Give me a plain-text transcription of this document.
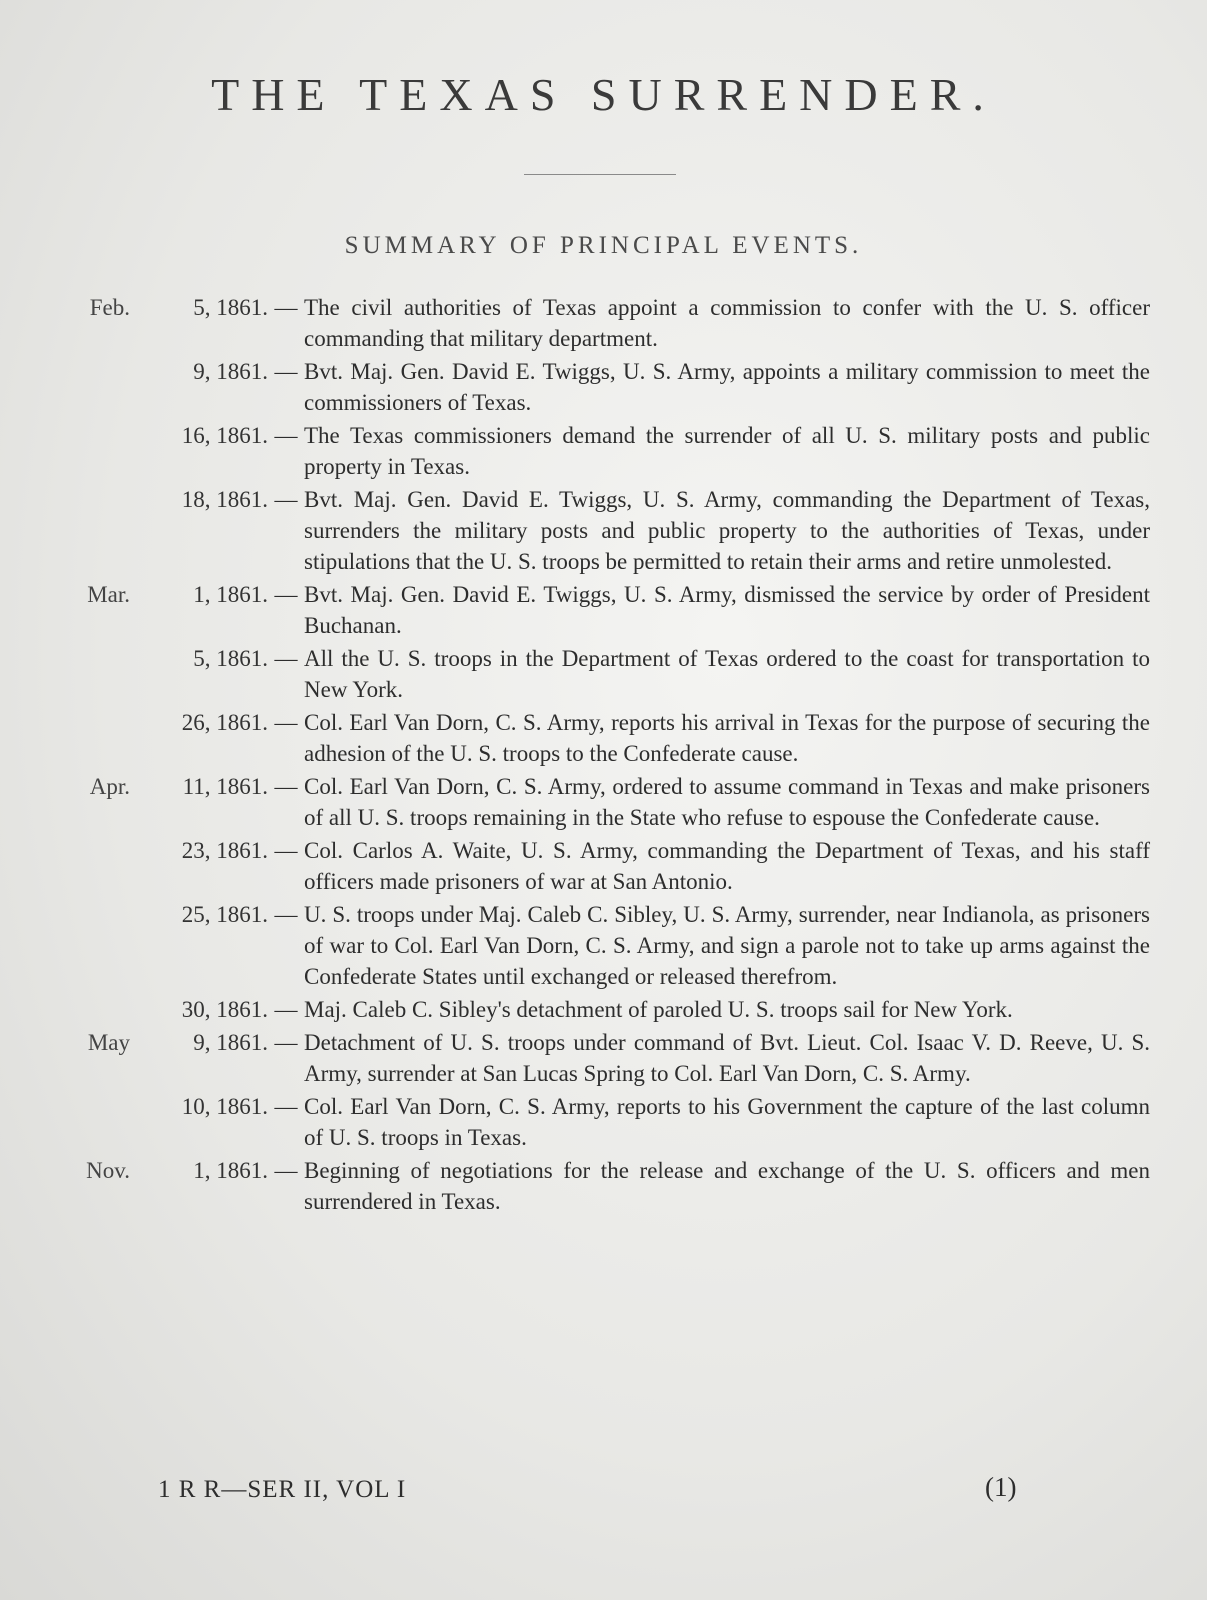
THE TEXAS SURRENDER.
SUMMARY OF PRINCIPAL EVENTS.
Feb.	5, 1861. — The civil authorities of Texas appoint a commission to confer with the U. S. officer commanding that military department.
9, 1861. — Bvt. Maj. Gen. David E. Twiggs, U. S. Army, appoints a military commission to meet the commissioners of Texas.
16, 1861. — The Texas commissioners demand the surrender of all U. S. military posts and public property in Texas.
18, 1861. — Bvt. Maj. Gen. David E. Twiggs, U. S. Army, commanding the Department of Texas, surrenders the military posts and public property to the authorities of Texas, under stipulations that the U. S. troops be permitted to retain their arms and retire unmolested.
Mar.	1, 1861. — Bvt. Maj. Gen. David E. Twiggs, U. S. Army, dismissed the service by order of President Buchanan.
5, 1861. — All the U. S. troops in the Department of Texas ordered to the coast for transportation to New York.
26, 1861. — Col. Earl Van Dorn, C. S. Army, reports his arrival in Texas for the purpose of securing the adhesion of the U. S. troops to the Confederate cause.
Apr.	11, 1861. — Col. Earl Van Dorn, C. S. Army, ordered to assume command in Texas and make prisoners of all U. S. troops remaining in the State who refuse to espouse the Confederate cause.
23, 1861. — Col. Carlos A. Waite, U. S. Army, commanding the Department of Texas, and his staff officers made prisoners of war at San Antonio.
25, 1861. — U. S. troops under Maj. Caleb C. Sibley, U. S. Army, surrender, near Indianola, as prisoners of war to Col. Earl Van Dorn, C. S. Army, and sign a parole not to take up arms against the Confederate States until exchanged or released therefrom.
30, 1861. — Maj. Caleb C. Sibley's detachment of paroled U. S. troops sail for New York.
May	9, 1861. — Detachment of U. S. troops under command of Bvt. Lieut. Col. Isaac V. D. Reeve, U. S. Army, surrender at San Lucas Spring to Col. Earl Van Dorn, C. S. Army.
10, 1861. — Col. Earl Van Dorn, C. S. Army, reports to his Government the capture of the last column of U. S. troops in Texas.
Nov.	1, 1861. — Beginning of negotiations for the release and exchange of the U. S. officers and men surrendered in Texas.
1 R R—SER II, VOL I	(1)
